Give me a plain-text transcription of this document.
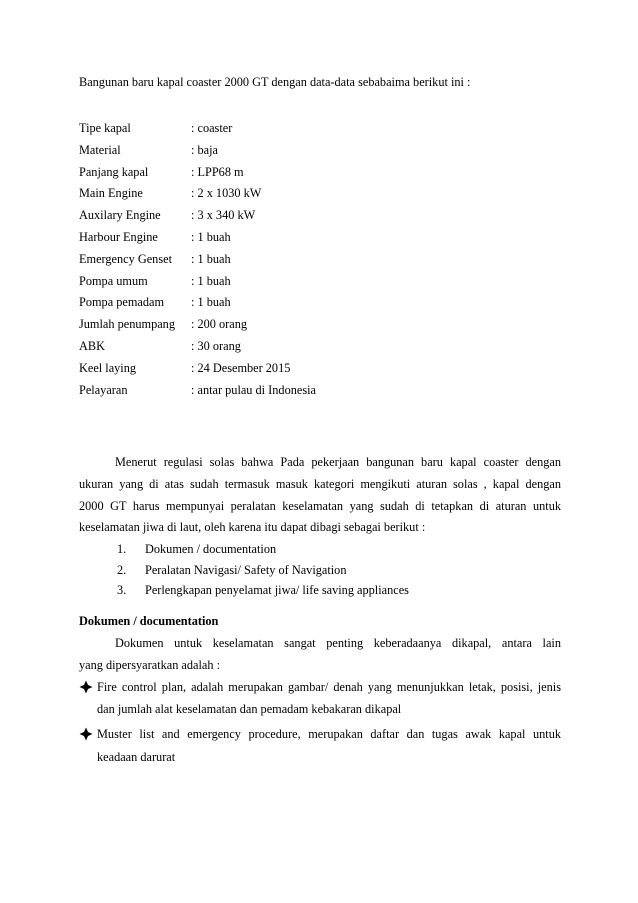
Bangunan baru kapal coaster 2000 GT dengan data-data sebabaima berikut ini :
Tipe kapal	: coaster
Material	: baja
Panjang kapal	: LPP68 m
Main Engine	: 2 x 1030 kW
Auxilary Engine : 3 x 340 kW
Harbour Engine	: 1 buah
Emergency Genset : 1 buah
Pompa umum	: 1 buah
Pompa pemadam : 1 buah
Jumlah penumpang : 200 orang
ABK	: 30 orang
Keel laying	: 24 Desember 2015
Pelayaran	: antar pulau di Indonesia
Menerut regulasi solas bahwa Pada pekerjaan bangunan baru kapal coaster dengan
ukuran yang di atas sudah termasuk masuk kategori mengikuti aturan solas , kapal dengan
2000 GT harus mempunyai peralatan keselamatan yang sudah di tetapkan di aturan untuk
keselamatan jiwa di laut, oleh karena itu dapat dibagi sebagai berikut :
1. Dokumen / documentation
2. Peralatan Navigasi/ Safety of Navigation
3. Perlengkapan penyelamat jiwa/ life saving appliances
Dokumen / documentation
Dokumen untuk keselamatan sangat penting keberadaanya dikapal, antara lain
yang dipersyaratkan adalah :
Fire control plan, adalah merupakan gambar/ denah yang menunjukkan letak, posisi, jenis
dan jumlah alat keselamatan dan pemadam kebakaran dikapal
Muster list and emergency procedure, merupakan daftar dan tugas awak kapal untuk
keadaan darurat
